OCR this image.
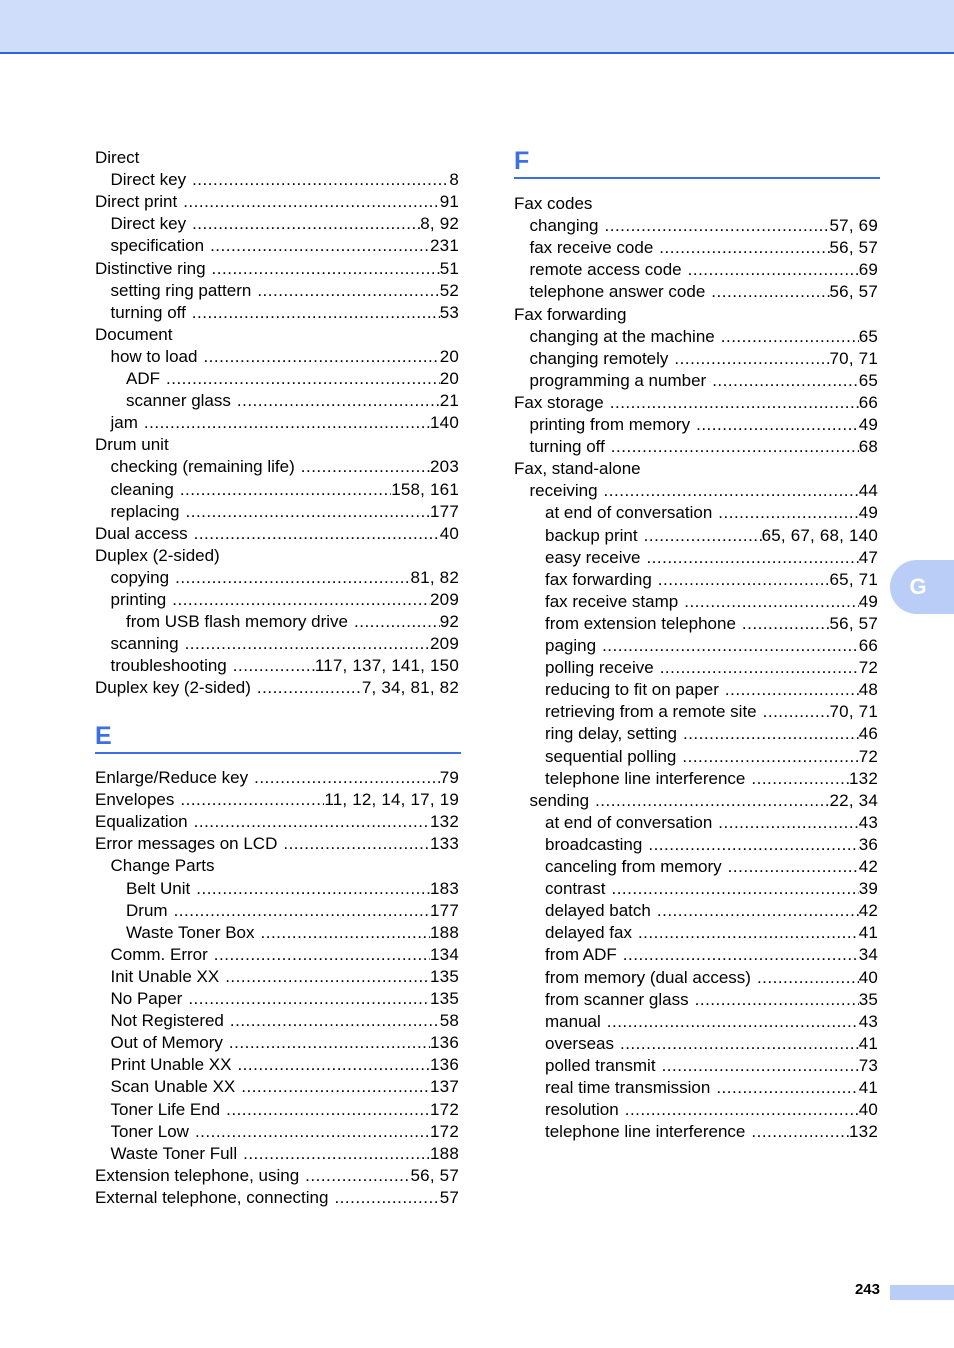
Direct
Direct key .....	8
Direct print .....	91
Direct key .....	8, 92
specification .....	231
Distinctive ring .....	51
setting ring pattern .....	52
turning off .....	53
Document
how to load .....	20
ADF .....	20
scanner glass .....	21
jam .....	140
Drum unit
checking (remaining life) .....	203
cleaning .....	158, 161
replacing .....	177
Dual access .....	40
Duplex (2-sided)
copying .....	81, 82
printing .....	209
from USB flash memory drive .....	92
scanning .....	209
troubleshooting .....	117, 137, 141, 150
Duplex key (2-sided) .....	7, 34, 81, 82
E
Enlarge/Reduce key .....	79
Envelopes .....	11, 12, 14, 17, 19
Equalization .....	132
Error messages on LCD .....	133
Change Parts
Belt Unit .....	183
Drum .....	177
Waste Toner Box .....	188
Comm. Error .....	134
Init Unable XX .....	135
No Paper .....	135
Not Registered .....	58
Out of Memory .....	136
Print Unable XX .....	136
Scan Unable XX .....	137
Toner Life End .....	172
Toner Low .....	172
Waste Toner Full .....	188
Extension telephone, using .....	56, 57
External telephone, connecting .....	57
F
Fax codes
changing .....	57, 69
fax receive code .....	56, 57
remote access code .....	69
telephone answer code .....	56, 57
Fax forwarding
changing at the machine .....	65
changing remotely .....	70, 71
programming a number .....	65
Fax storage .....	66
printing from memory .....	49
turning off .....	68
Fax, stand-alone
receiving .....	44
at end of conversation .....	49
backup print .....	65, 67, 68, 140
easy receive .....	47
fax forwarding .....	65, 71
fax receive stamp .....	49
from extension telephone .....	56, 57
paging .....	66
polling receive .....	72
reducing to fit on paper .....	48
retrieving from a remote site .....	70, 71
ring delay, setting .....	46
sequential polling .....	72
telephone line interference .....	132
sending .....	22, 34
at end of conversation .....	43
broadcasting .....	36
canceling from memory .....	42
contrast .....	39
delayed batch .....	42
delayed fax .....	41
from ADF .....	34
from memory (dual access) .....	40
from scanner glass .....	35
manual .....	43
overseas .....	41
polled transmit .....	73
real time transmission .....	41
resolution .....	40
telephone line interference .....	132
G
243
